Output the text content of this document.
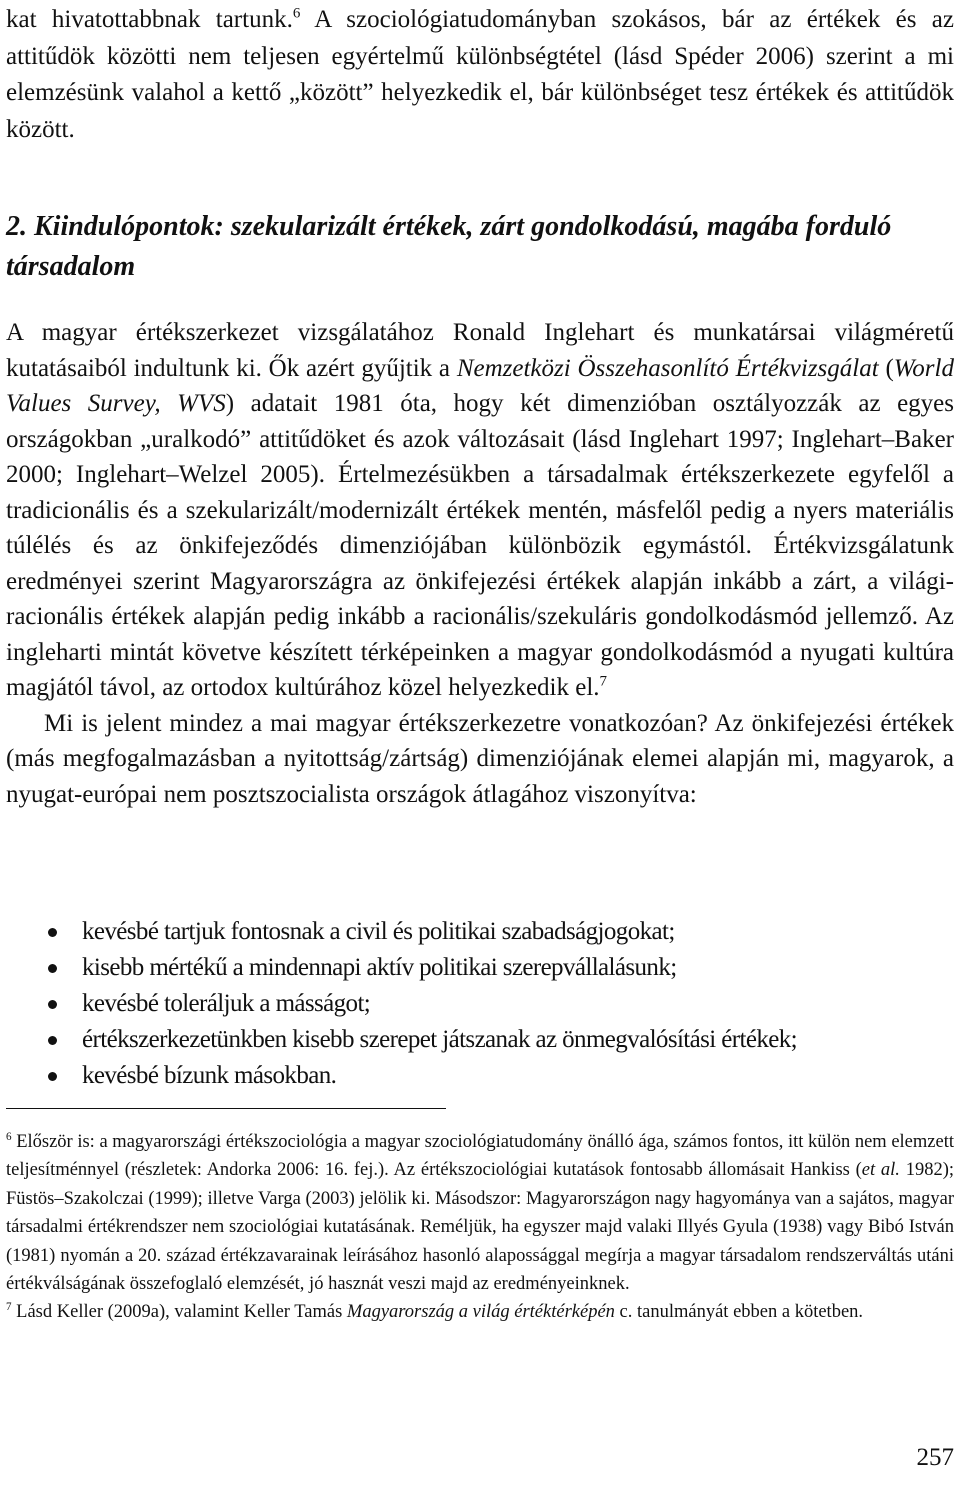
kat hivatottabbnak tartunk.$^6$ A szociológiatudományban szokásos, bár az értékek és az attitűdök közötti nem teljesen egyértelmű különbségtétel (lásd Spéder 2006) szerint a mi elemzésünk valahol a kettő „között” helyezkedik el, bár különbséget tesz értékek és attitűdök között.

2. Kiindulópontok: szekularizált értékek, zárt gondolkodású, magába forduló társadalom

A magyar értékszerkezet vizsgálatához Ronald Inglehart és munkatársai világméretű kutatásaiból indultunk ki. Ők azért gyűjtik a Nemzetközi Összehasonlító Értékvizsgálat (World Values Survey, WVS) adatait 1981 óta, hogy két dimenzióban osztályozzák az egyes országokban „uralkodó” attitűdöket és azok változásait (lásd Inglehart 1997; Inglehart–Baker 2000; Inglehart–Welzel 2005). Értelmezésükben a társadalmak értékszerkezete egyfelől a tradicionális és a szekularizált/modernizált értékek mentén, másfelől pedig a nyers materiális túlélés és az önkifejeződés dimenziójában különbözik egymástól. Értékvizsgálatunk eredményei szerint Magyarországra az önkifejezési értékek alapján inkább a zárt, a világi-racionális értékek alapján pedig inkább a racionális/szekuláris gondolkodásmód jellemző. Az ingleharti mintát követve készített térképeinken a magyar gondolkodásmód a nyugati kultúra magjától távol, az ortodox kultúrához közel helyezkedik el.$^7$

Mi is jelent mindez a mai magyar értékszerkezetre vonatkozóan? Az önkifejezési értékek (más megfogalmazásban a nyitottság/zártság) dimenziójának elemei alapján mi, magyarok, a nyugat-európai nem posztszocialista országok átlagához viszonyítva:

kevésbé tartjuk fontosnak a civil és politikai szabadságjogokat;
kisebb mértékű a mindennapi aktív politikai szerepvállalásunk;
kevésbé toleráljuk a másságot;
értékszerkezetünkben kisebb szerepet játszanak az önmegvalósítási értékek;
kevésbé bízunk másokban.

$^6$ Először is: a magyarországi értékszociológia a magyar szociológiatudomány önálló ága, számos fontos, itt külön nem elemzett teljesítménnyel (részletek: Andorka 2006: 16. fej.). Az értékszociológiai kutatások fontosabb állomásait Hankiss (et al. 1982); Füstös–Szakolczai (1999); illetve Varga (2003) jelölik ki. Másodszor: Magyarországon nagy hagyománya van a sajátos, magyar társadalmi értékrendszer nem szociológiai kutatásának. Reméljük, ha egyszer majd valaki Illyés Gyula (1938) vagy Bibó István (1981) nyomán a 20. század értékzavarainak leírásához hasonló alapossággal megírja a magyar társadalom rendszerváltás utáni értékválságának összefoglaló elemzését, jó hasznát veszi majd az eredményeinknek.

$^7$ Lásd Keller (2009a), valamint Keller Tamás Magyarország a világ értéktérképén c. tanulmányát ebben a kötetben.

257
